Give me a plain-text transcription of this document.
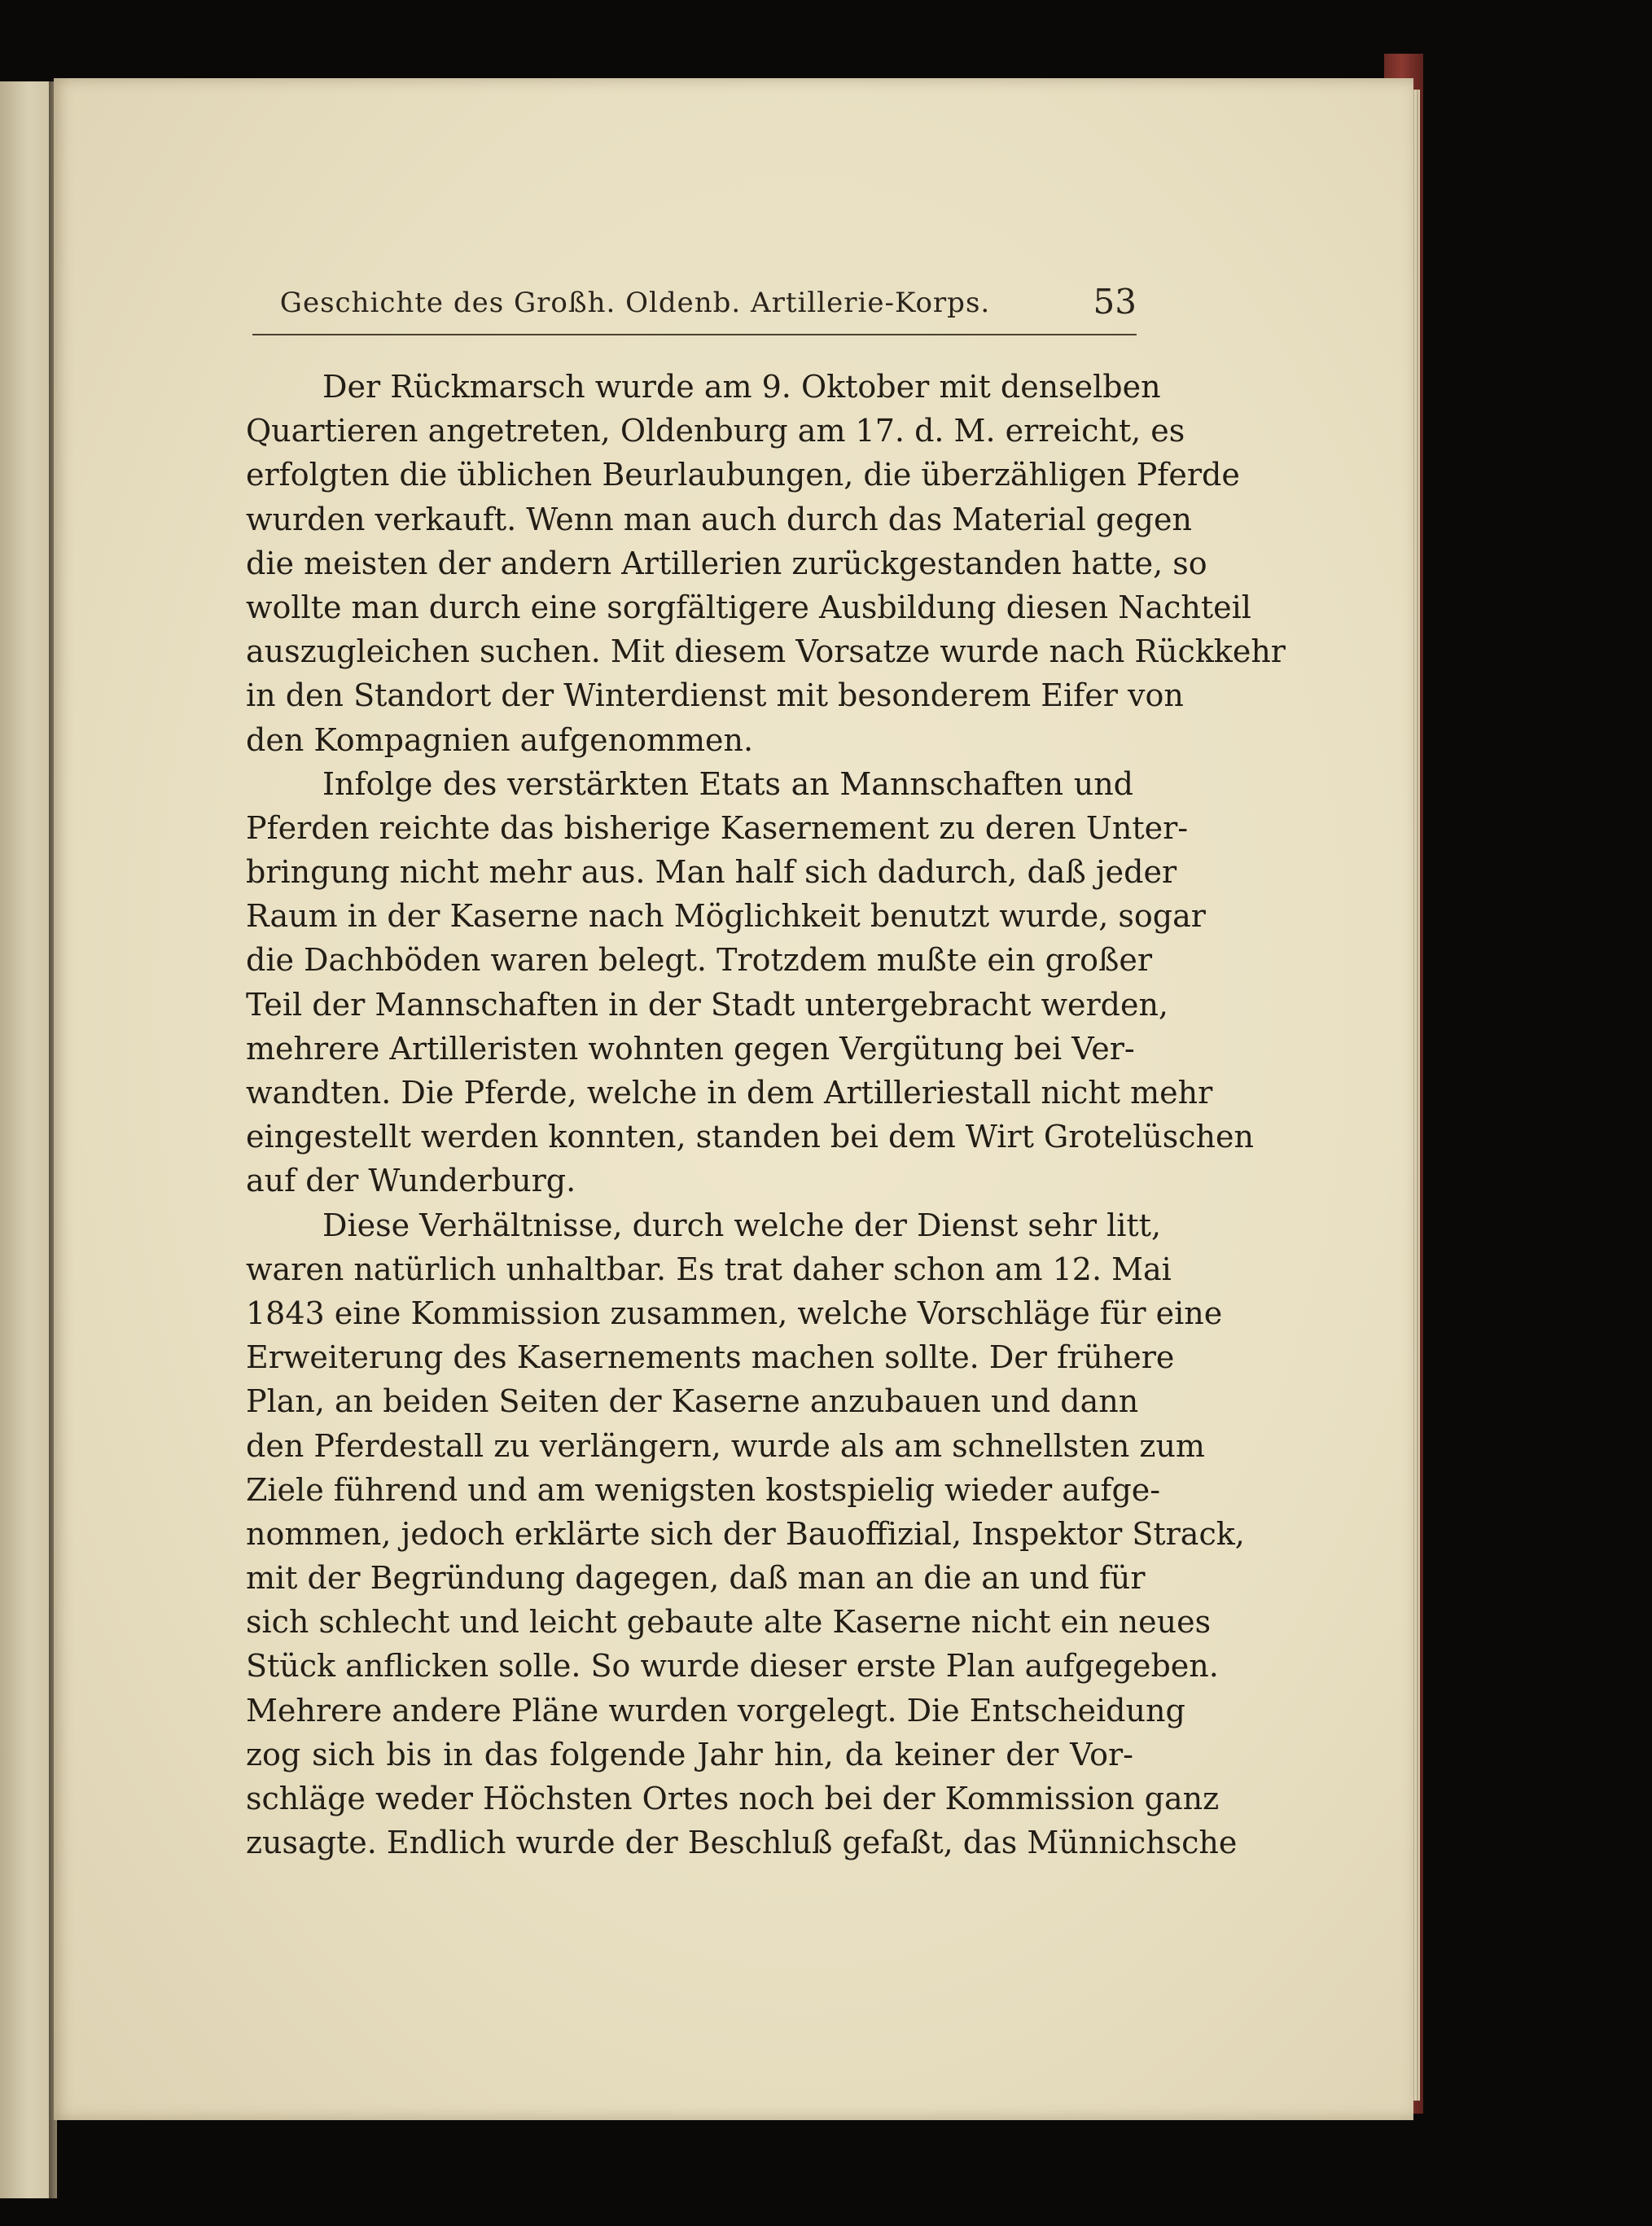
Geschichte des Großh. Oldenb. Artillerie-Korps.	53
Der Rückmarsch wurde am 9. Oktober mit denselben
Quartieren angetreten, Oldenburg am 17. d. M. erreicht, es
erfolgten die üblichen Beurlaubungen, die überzähligen Pferde
wurden verkauft. Wenn man auch durch das Material gegen
die meisten der andern Artillerien zurückgestanden hatte, so
wollte man durch eine sorgfältigere Ausbildung diesen Nachteil
auszugleichen suchen. Mit diesem Vorsatze wurde nach Rückkehr
in den Standort der Winterdienst mit besonderem Eifer von
den Kompagnien aufgenommen.
Infolge des verstärkten Etats an Mannschaften und
Pferden reichte das bisherige Kasernement zu deren Unter-
bringung nicht mehr aus. Man half sich dadurch, daß jeder
Raum in der Kaserne nach Möglichkeit benutzt wurde, sogar
die Dachböden waren belegt. Trotzdem mußte ein großer
Teil der Mannschaften in der Stadt untergebracht werden,
mehrere Artilleristen wohnten gegen Vergütung bei Ver-
wandten. Die Pferde, welche in dem Artilleriestall nicht mehr
eingestellt werden konnten, standen bei dem Wirt Grotelüschen
auf der Wunderburg.
Diese Verhältnisse, durch welche der Dienst sehr litt,
waren natürlich unhaltbar. Es trat daher schon am 12. Mai
1843 eine Kommission zusammen, welche Vorschläge für eine
Erweiterung des Kasernements machen sollte. Der frühere
Plan, an beiden Seiten der Kaserne anzubauen und dann
den Pferdestall zu verlängern, wurde als am schnellsten zum
Ziele führend und am wenigsten kostspielig wieder aufge-
nommen, jedoch erklärte sich der Bauoffizial, Inspektor Strack,
mit der Begründung dagegen, daß man an die an und für
sich schlecht und leicht gebaute alte Kaserne nicht ein neues
Stück anflicken solle. So wurde dieser erste Plan aufgegeben.
Mehrere andere Pläne wurden vorgelegt. Die Entscheidung
zog sich bis in das folgende Jahr hin, da keiner der Vor-
schläge weder Höchsten Ortes noch bei der Kommission ganz
zusagte. Endlich wurde der Beschluß gefaßt, das Münnichsche
